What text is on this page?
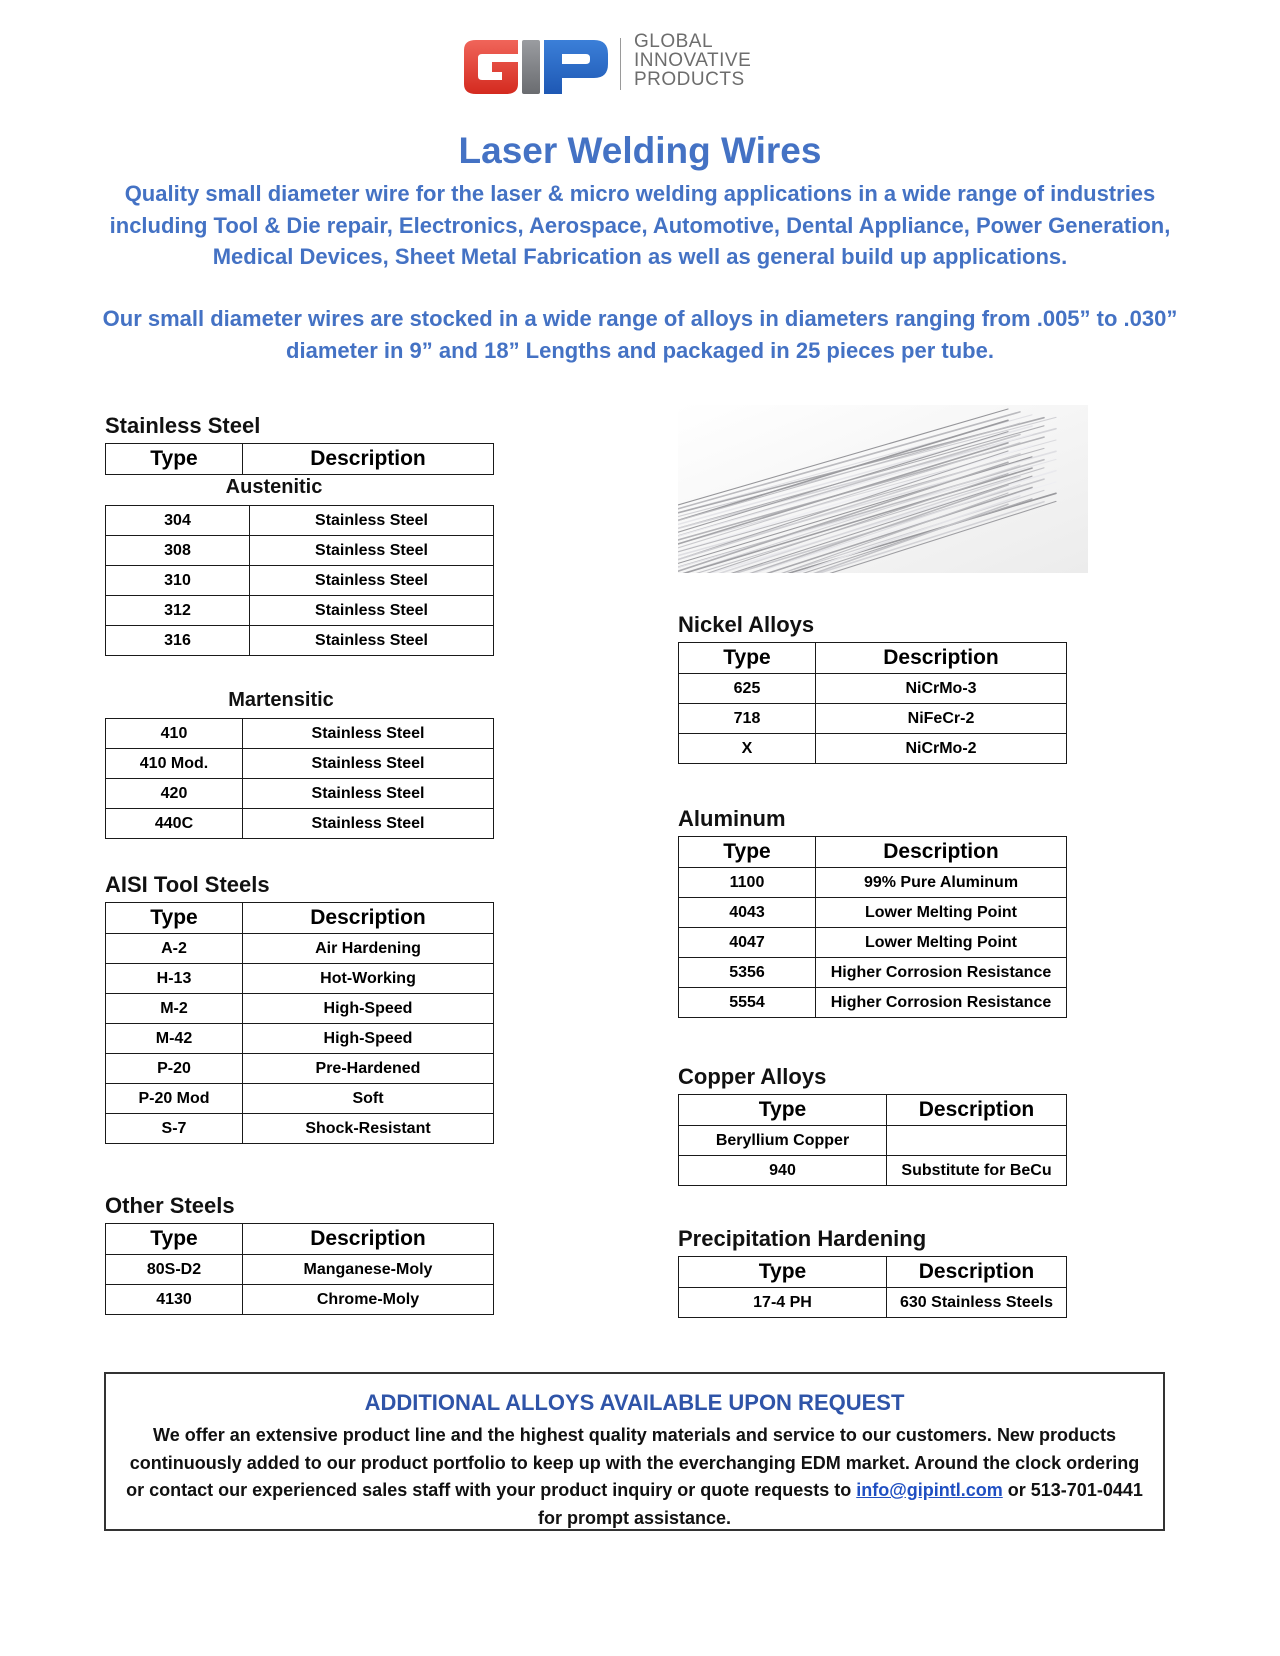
GLOBAL
INNOVATIVE
PRODUCTS
Laser Welding Wires
Quality small diameter wire for the laser & micro welding applications in a wide range of industries including Tool & Die repair, Electronics, Aerospace, Automotive, Dental Appliance, Power Generation, Medical Devices, Sheet Metal Fabrication as well as general build up applications.
Our small diameter wires are stocked in a wide range of alloys in diameters ranging from .005” to .030” diameter in 9” and 18” Lengths and packaged in 25 pieces per tube.
Stainless Steel
Type	Description
Austenitic
304	Stainless Steel
308	Stainless Steel
310	Stainless Steel
312	Stainless Steel
316	Stainless Steel
Martensitic
410	Stainless Steel
410 Mod.	Stainless Steel
420	Stainless Steel
440C	Stainless Steel
AISI Tool Steels
Type	Description
A-2	Air Hardening
H-13	Hot-Working
M-2	High-Speed
M-42	High-Speed
P-20	Pre-Hardened
P-20 Mod	Soft
S-7	Shock-Resistant
Other Steels
Type	Description
80S-D2	Manganese-Moly
4130	Chrome-Moly
Nickel Alloys
Type	Description
625	NiCrMo-3
718	NiFeCr-2
X	NiCrMo-2
Aluminum
Type	Description
1100	99% Pure Aluminum
4043	Lower Melting Point
4047	Lower Melting Point
5356	Higher Corrosion Resistance
5554	Higher Corrosion Resistance
Copper Alloys
Type	Description
Beryllium Copper	
940	Substitute for BeCu
Precipitation Hardening
Type	Description
17-4 PH	630 Stainless Steels
ADDITIONAL ALLOYS AVAILABLE UPON REQUEST
We offer an extensive product line and the highest quality materials and service to our customers. New products continuously added to our product portfolio to keep up with the everchanging EDM market. Around the clock ordering or contact our experienced sales staff with your product inquiry or quote requests to info@gipintl.com or 513-701-0441 for prompt assistance.
